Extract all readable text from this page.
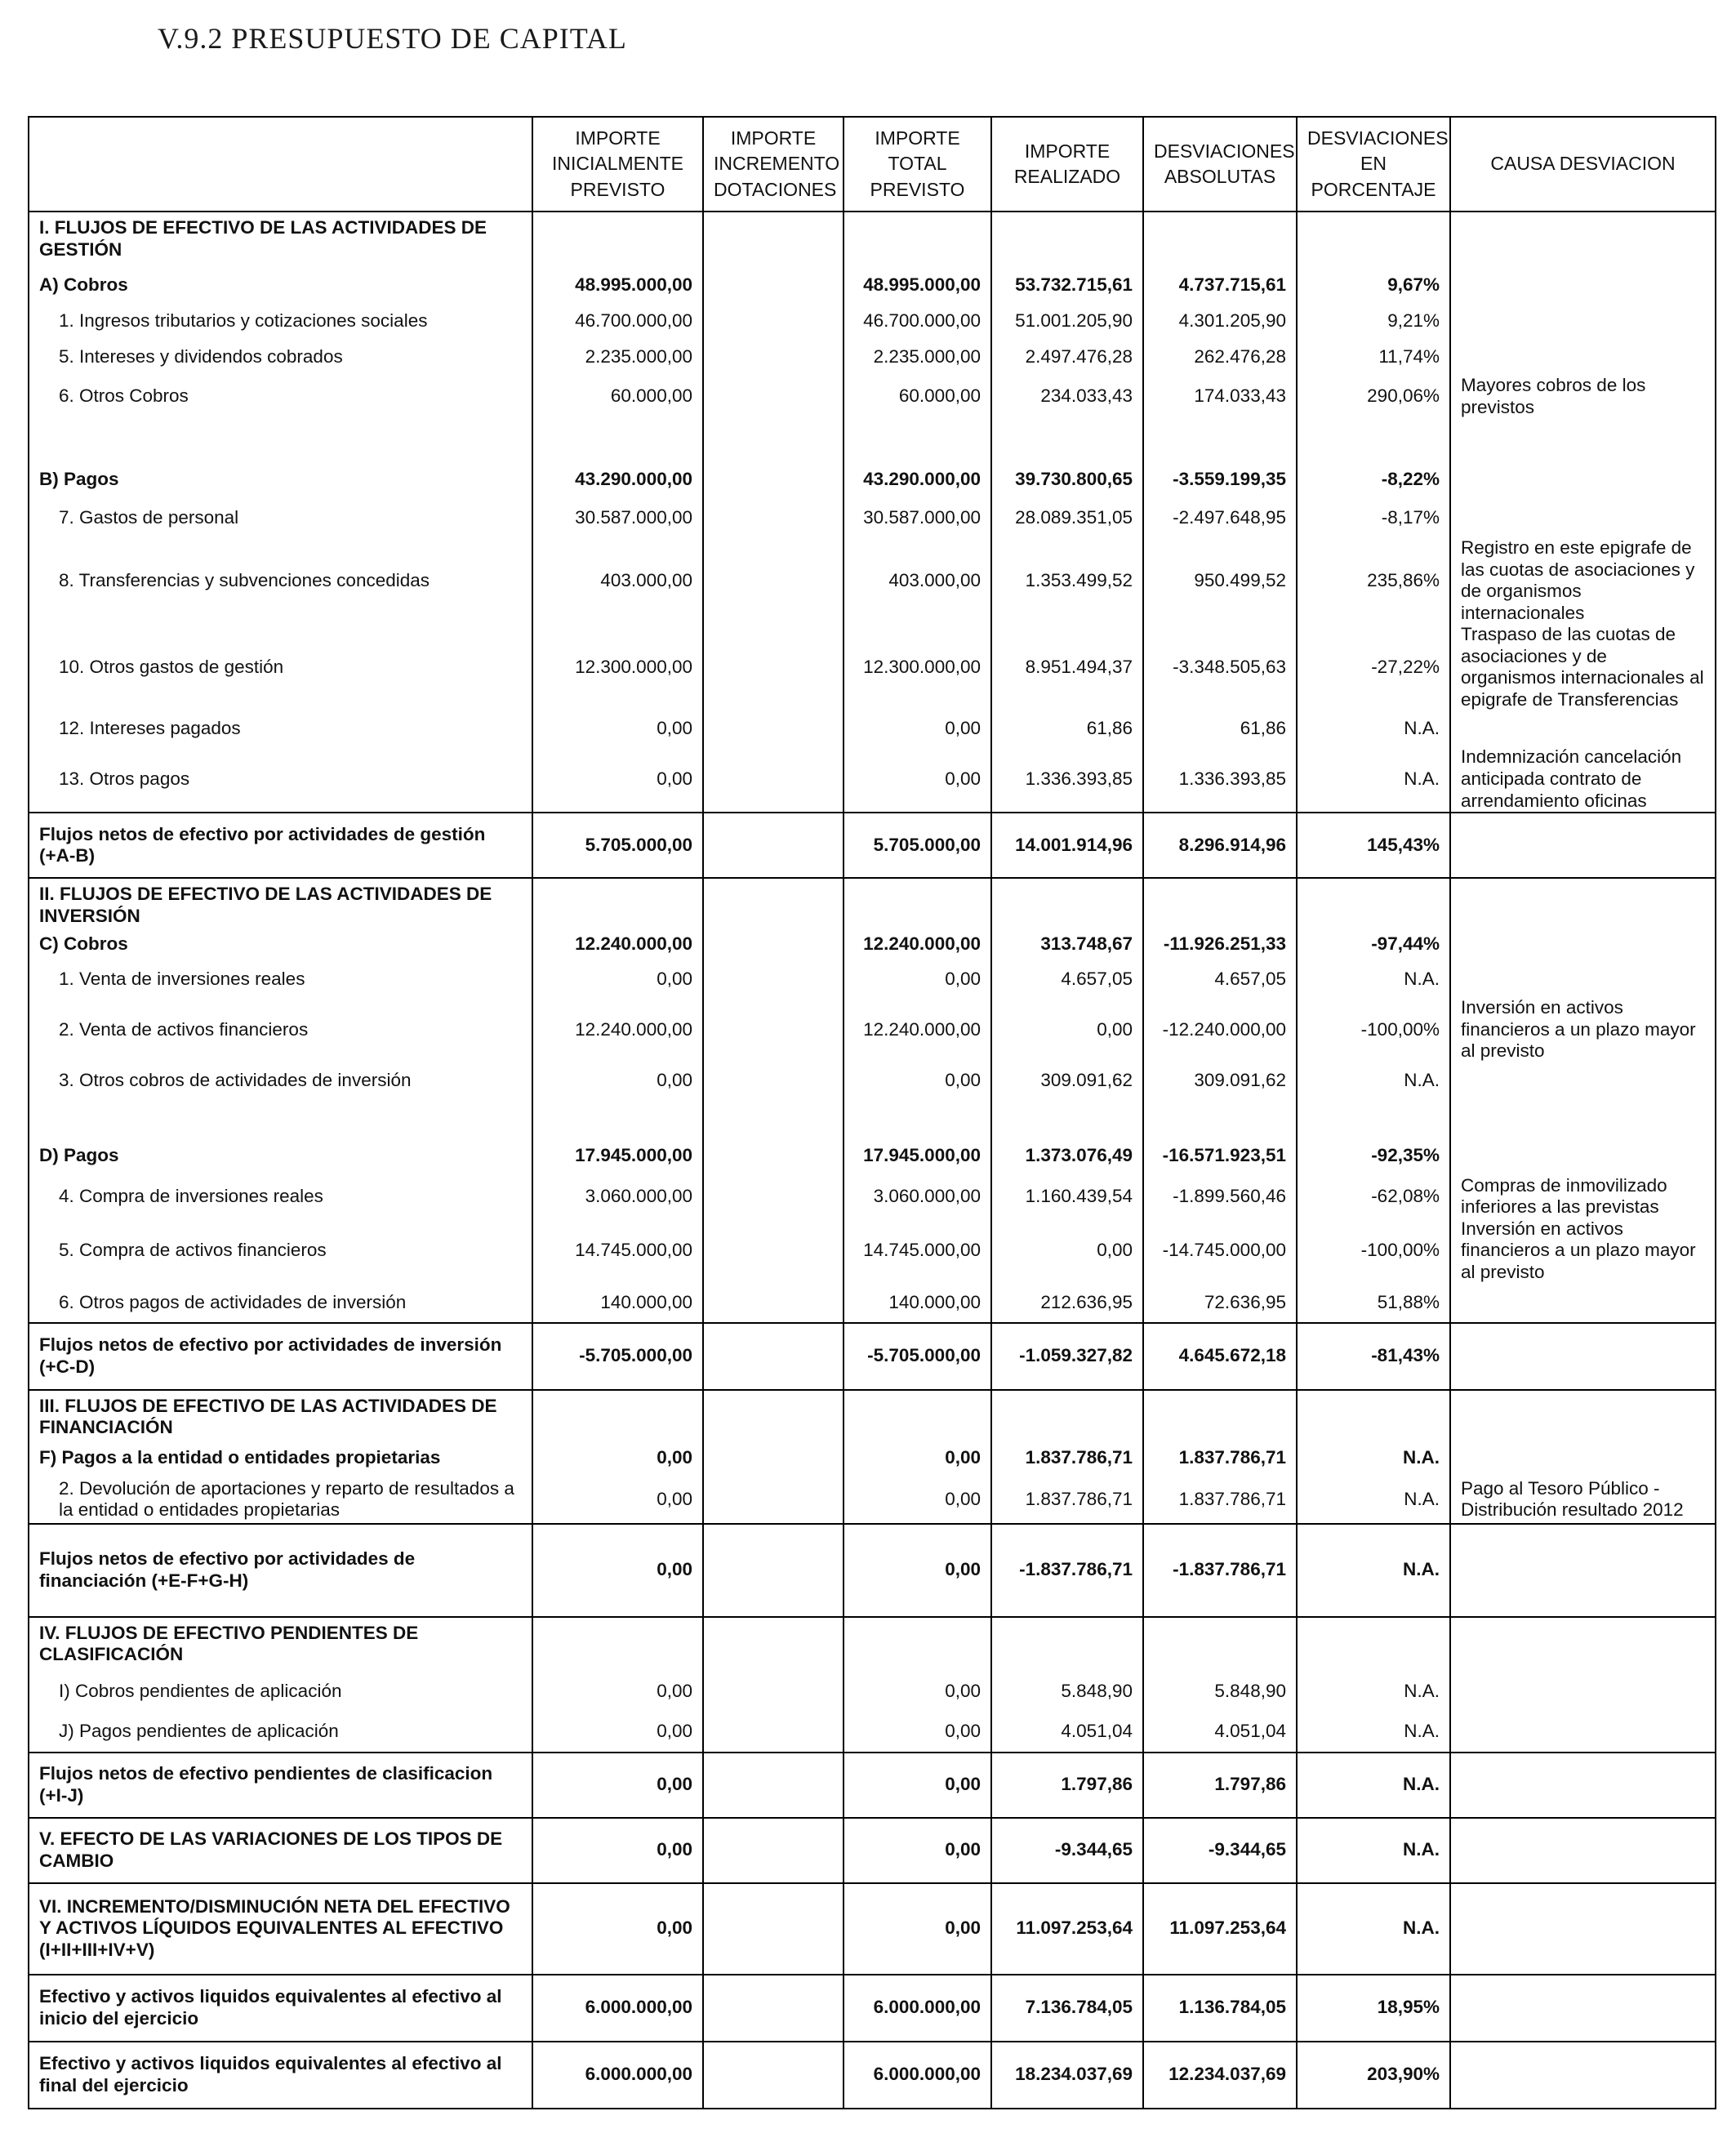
V.9.2 PRESUPUESTO DE CAPITAL
	IMPORTE INICIALMENTE PREVISTO	IMPORTE INCREMENTO DOTACIONES	IMPORTE TOTAL PREVISTO	IMPORTE REALIZADO	DESVIACIONES ABSOLUTAS	DESVIACIONES EN PORCENTAJE	CAUSA DESVIACION
I. FLUJOS DE EFECTIVO DE LAS ACTIVIDADES DE GESTIÓN							
A) Cobros	48.995.000,00		48.995.000,00	53.732.715,61	4.737.715,61	9,67%	
1. Ingresos tributarios y cotizaciones sociales	46.700.000,00		46.700.000,00	51.001.205,90	4.301.205,90	9,21%	
5. Intereses y dividendos cobrados	2.235.000,00		2.235.000,00	2.497.476,28	262.476,28	11,74%	
6. Otros Cobros	60.000,00		60.000,00	234.033,43	174.033,43	290,06%	Mayores cobros de los previstos

B) Pagos	43.290.000,00		43.290.000,00	39.730.800,65	-3.559.199,35	-8,22%	
7. Gastos de personal	30.587.000,00		30.587.000,00	28.089.351,05	-2.497.648,95	-8,17%	
8. Transferencias y subvenciones concedidas	403.000,00		403.000,00	1.353.499,52	950.499,52	235,86%	Registro en este epigrafe de las cuotas de asociaciones y de organismos internacionales
10. Otros gastos de gestión	12.300.000,00		12.300.000,00	8.951.494,37	-3.348.505,63	-27,22%	Traspaso de las cuotas de asociaciones y de organismos internacionales al epigrafe de Transferencias
12. Intereses pagados	0,00		0,00	61,86	61,86	N.A.	
13. Otros pagos	0,00		0,00	1.336.393,85	1.336.393,85	N.A.	Indemnización cancelación anticipada contrato de arrendamiento oficinas
Flujos netos de efectivo por actividades de gestión (+A-B)	5.705.000,00		5.705.000,00	14.001.914,96	8.296.914,96	145,43%	
II. FLUJOS DE EFECTIVO DE LAS ACTIVIDADES DE INVERSIÓN							
C) Cobros	12.240.000,00		12.240.000,00	313.748,67	-11.926.251,33	-97,44%	
1. Venta de inversiones reales	0,00		0,00	4.657,05	4.657,05	N.A.	
2. Venta de activos financieros	12.240.000,00		12.240.000,00	0,00	-12.240.000,00	-100,00%	Inversión en activos financieros a un plazo mayor al previsto
3. Otros cobros de actividades de inversión	0,00		0,00	309.091,62	309.091,62	N.A.	

D) Pagos	17.945.000,00		17.945.000,00	1.373.076,49	-16.571.923,51	-92,35%	
4. Compra de inversiones reales	3.060.000,00		3.060.000,00	1.160.439,54	-1.899.560,46	-62,08%	Compras de inmovilizado inferiores a las previstas
5. Compra de activos financieros	14.745.000,00		14.745.000,00	0,00	-14.745.000,00	-100,00%	Inversión en activos financieros a un plazo mayor al previsto
6. Otros pagos de actividades de inversión	140.000,00		140.000,00	212.636,95	72.636,95	51,88%	
Flujos netos de efectivo por actividades de inversión (+C-D)	-5.705.000,00		-5.705.000,00	-1.059.327,82	4.645.672,18	-81,43%	
III. FLUJOS DE EFECTIVO DE LAS ACTIVIDADES DE FINANCIACIÓN							
F) Pagos a la entidad o entidades propietarias	0,00		0,00	1.837.786,71	1.837.786,71	N.A.	
2. Devolución de aportaciones y reparto de resultados a la entidad o entidades propietarias	0,00		0,00	1.837.786,71	1.837.786,71	N.A.	Pago al Tesoro Público - Distribución resultado 2012
Flujos netos de efectivo por actividades de financiación (+E-F+G-H)	0,00		0,00	-1.837.786,71	-1.837.786,71	N.A.	
IV. FLUJOS DE EFECTIVO PENDIENTES DE CLASIFICACIÓN							
I) Cobros pendientes de aplicación	0,00		0,00	5.848,90	5.848,90	N.A.	
J) Pagos pendientes de aplicación	0,00		0,00	4.051,04	4.051,04	N.A.	
Flujos netos de efectivo pendientes de clasificacion (+I-J)	0,00		0,00	1.797,86	1.797,86	N.A.	
V. EFECTO DE LAS VARIACIONES DE LOS TIPOS DE CAMBIO	0,00		0,00	-9.344,65	-9.344,65	N.A.	
VI. INCREMENTO/DISMINUCIÓN NETA DEL EFECTIVO Y ACTIVOS LÍQUIDOS EQUIVALENTES AL EFECTIVO (I+II+III+IV+V)	0,00		0,00	11.097.253,64	11.097.253,64	N.A.	
Efectivo y activos liquidos equivalentes al efectivo al inicio del ejercicio	6.000.000,00		6.000.000,00	7.136.784,05	1.136.784,05	18,95%	
Efectivo y activos liquidos equivalentes al efectivo al final del ejercicio	6.000.000,00		6.000.000,00	18.234.037,69	12.234.037,69	203,90%	
